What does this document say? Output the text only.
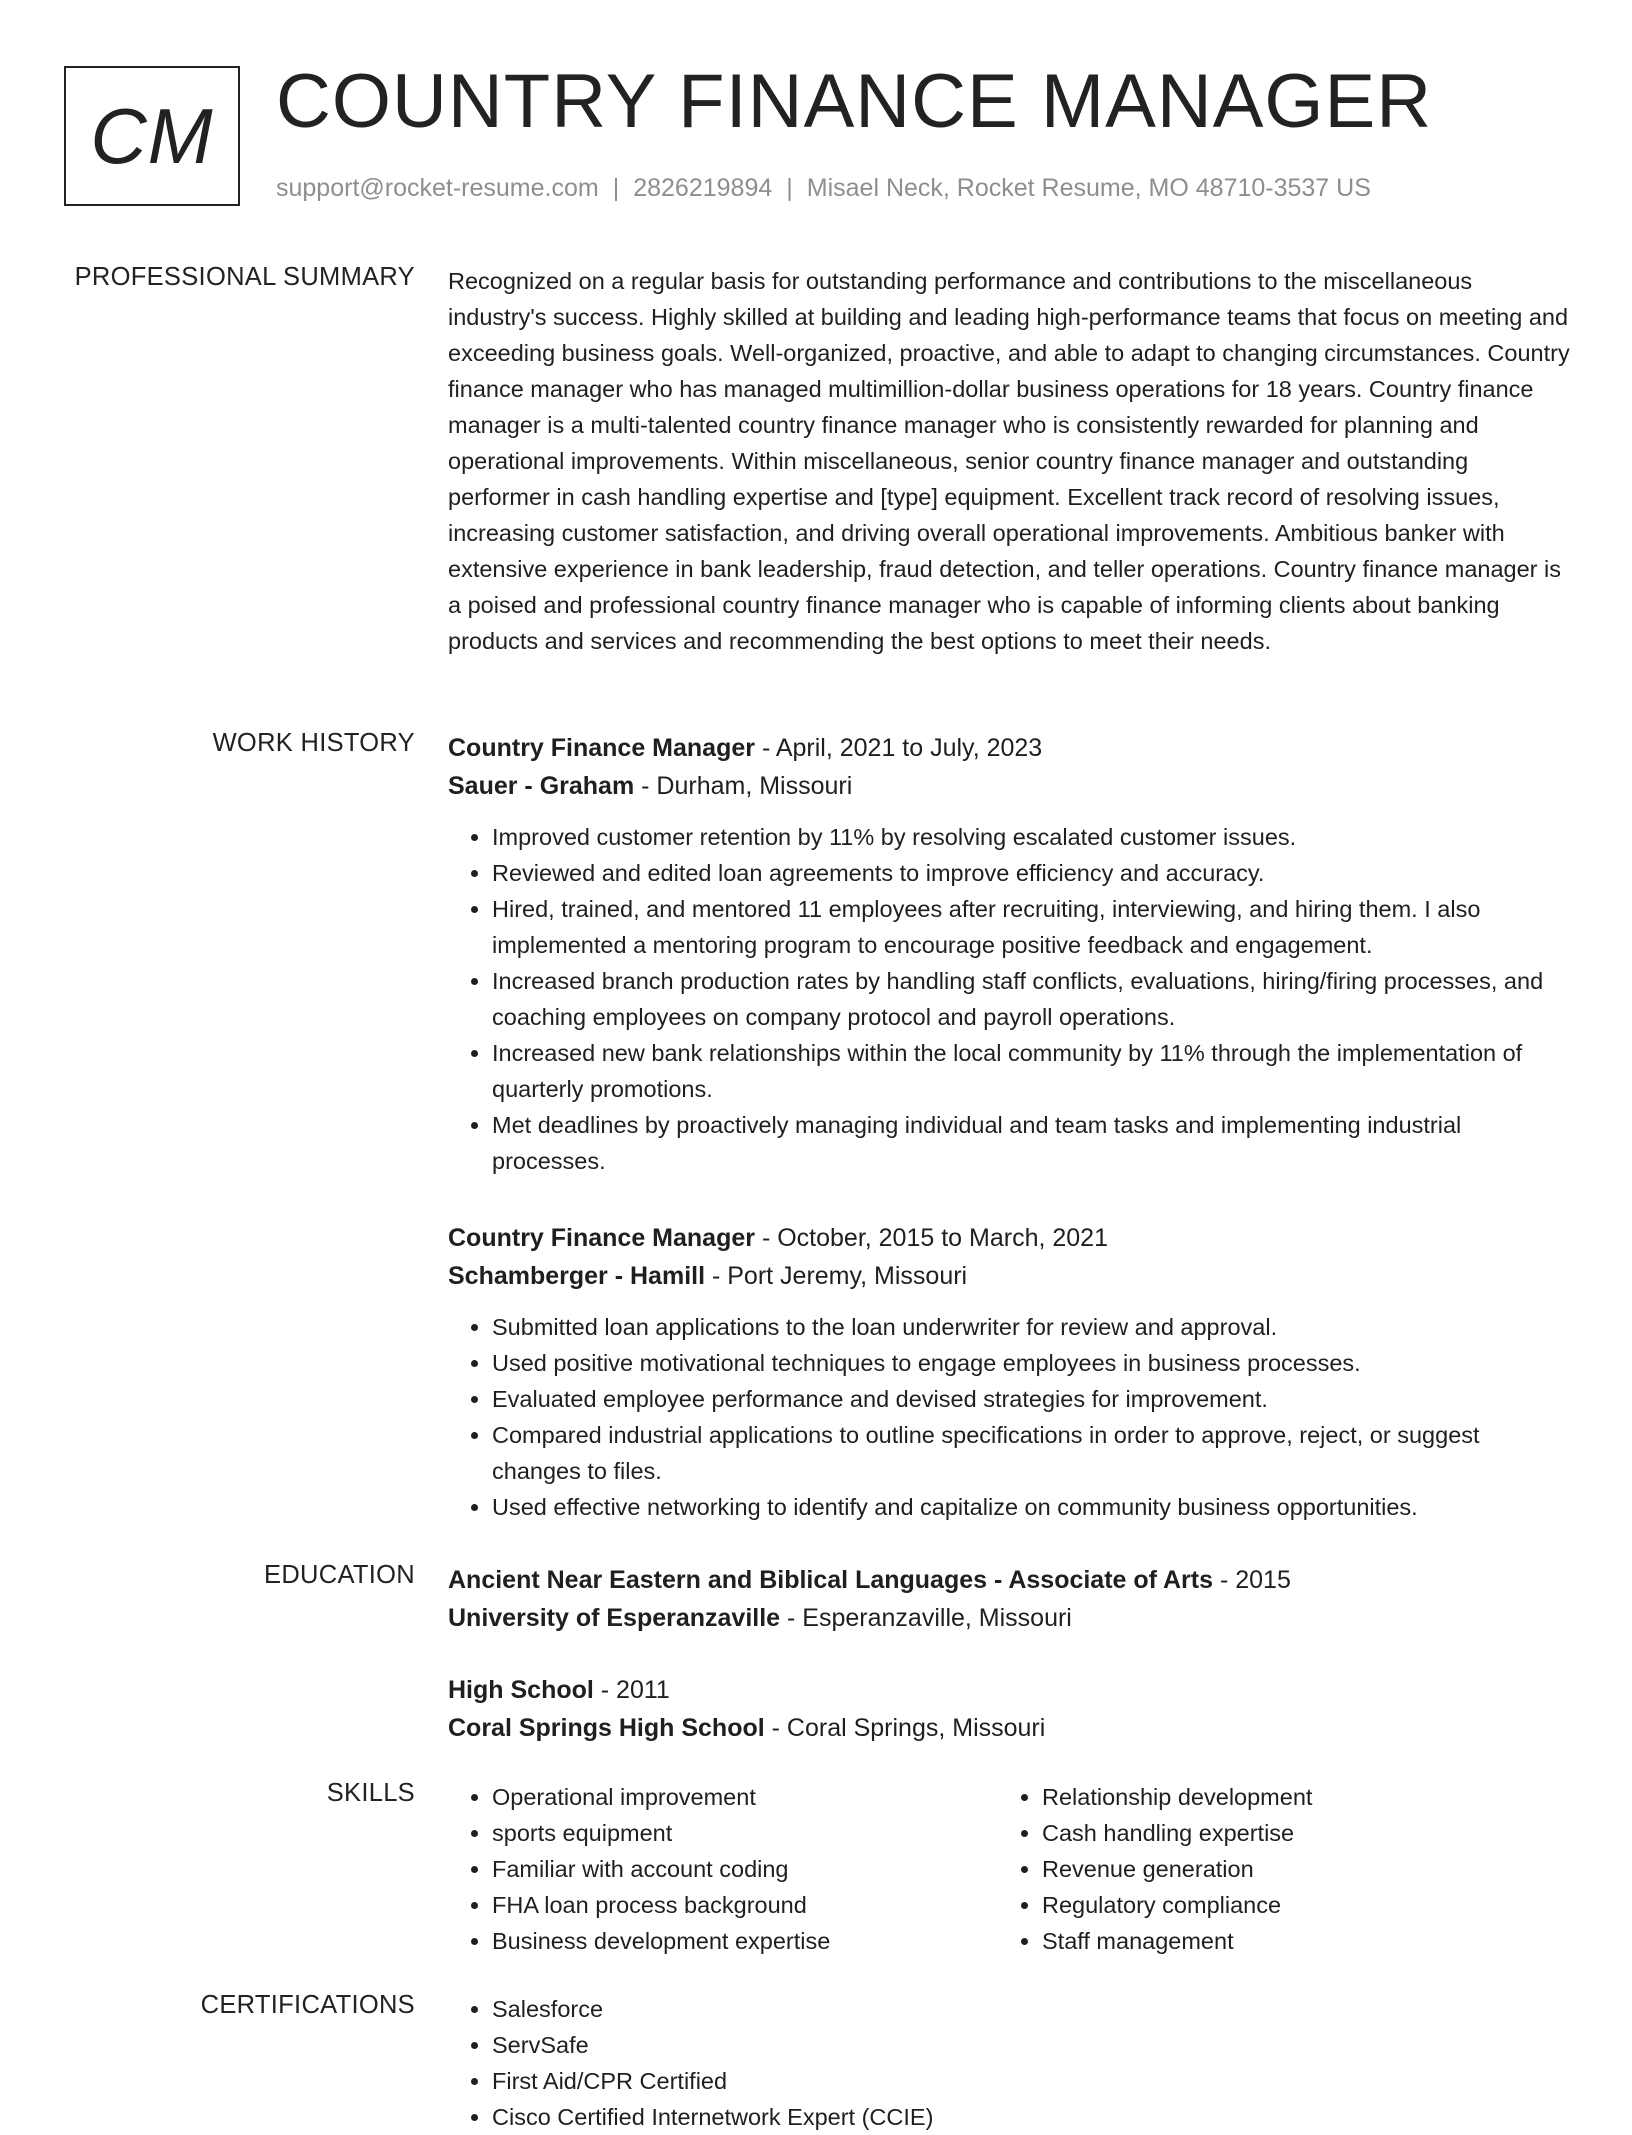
CM COUNTRY FINANCE MANAGER
support@rocket-resume.com | 2826219894 | Misael Neck, Rocket Resume, MO 48710-3537 US
PROFESSIONAL SUMMARY Recognized on a regular basis for outstanding performance and contributions to the miscellaneous industry's success. Highly skilled at building and leading high-performance teams that focus on meeting and exceeding business goals. Well-organized, proactive, and able to adapt to changing circumstances. Country finance manager who has managed multimillion-dollar business operations for 18 years. Country finance manager is a multi-talented country finance manager who is consistently rewarded for planning and operational improvements. Within miscellaneous, senior country finance manager and outstanding performer in cash handling expertise and [type] equipment. Excellent track record of resolving issues, increasing customer satisfaction, and driving overall operational improvements. Ambitious banker with extensive experience in bank leadership, fraud detection, and teller operations. Country finance manager is a poised and professional country finance manager who is capable of informing clients about banking products and services and recommending the best options to meet their needs.

WORK HISTORY Country Finance Manager - April, 2021 to July, 2023

Sauer - Graham - Durham, Missouri

• Improved customer retention by 11% by resolving escalated customer issues.
• Reviewed and edited loan agreements to improve efficiency and accuracy.
• Hired, trained, and mentored 11 employees after recruiting, interviewing, and hiring them. I also implemented a mentoring program to encourage positive feedback and engagement.
• Increased branch production rates by handling staff conflicts, evaluations, hiring/firing processes, and coaching employees on company protocol and payroll operations.
• Increased new bank relationships within the local community by 11% through the implementation of quarterly promotions.
• Met deadlines by proactively managing individual and team tasks and implementing industrial processes.

Country Finance Manager - October, 2015 to March, 2021

Schamberger - Hamill - Port Jeremy, Missouri

• Submitted loan applications to the loan underwriter for review and approval.
• Used positive motivational techniques to engage employees in business processes.
• Evaluated employee performance and devised strategies for improvement.
• Compared industrial applications to outline specifications in order to approve, reject, or suggest changes to files.
• Used effective networking to identify and capitalize on community business opportunities.
EDUCATION Ancient Near Eastern and Biblical Languages - Associate of Arts - 2015

University of Esperanzaville - Esperanzaville, Missouri

High School - 2011

Coral Springs High School - Coral Springs, Missouri

SKILLS	• Operational improvement
• sports equipment
• Familiar with account coding
• FHA loan process background
• Business development expertise
• Relationship development
• Cash handling expertise
• Revenue generation
• Regulatory compliance
• Staff management
CERTIFICATIONS	• Salesforce
• ServSafe
• First Aid/CPR Certified
• Cisco Certified Internetwork Expert (CCIE)
